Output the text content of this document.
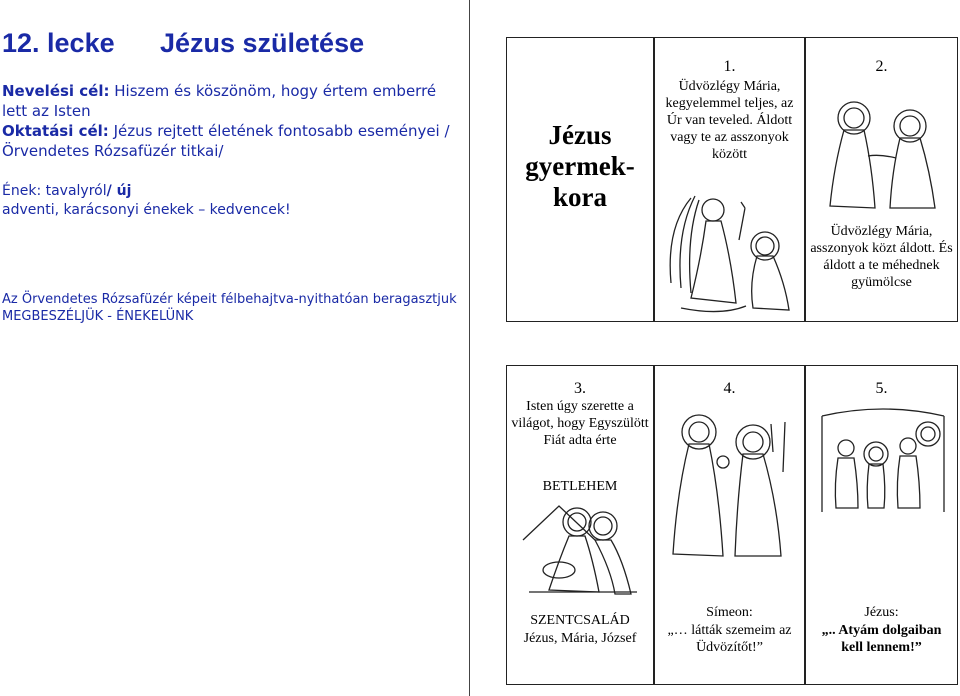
12. lecke Jézus születése
Nevelési cél: Hiszem és köszönöm, hogy értem emberré lett az Isten
Oktatási cél: Jézus rejtett életének fontosabb eseményei /Örvendetes Rózsafüzér titkai/
Ének: tavalyról/ új
adventi, karácsonyi énekek – kedvencek!
Az Örvendetes Rózsafüzér képeit félbehajtva-nyithatóan beragasztjuk
MEGBESZÉLJÜK - ÉNEKELÜNK
Jézus gyermek-kora
1.
Üdvözlégy Mária, kegyelemmel teljes, az Úr van teveled. Áldott vagy te az asszonyok között
2.
Üdvözlégy Mária, asszonyok közt áldott. És áldott a te méhednek gyümölcse
3.
Isten úgy szerette a világot, hogy Egyszülött Fiát adta érte
BETLEHEM
SZENTCSALÁD
Jézus, Mária, József
4.
Símeon:
„… látták szemeim az Üdvözítőt!”
5.
Jézus:
„.. Atyám dolgaiban kell lennem!”
